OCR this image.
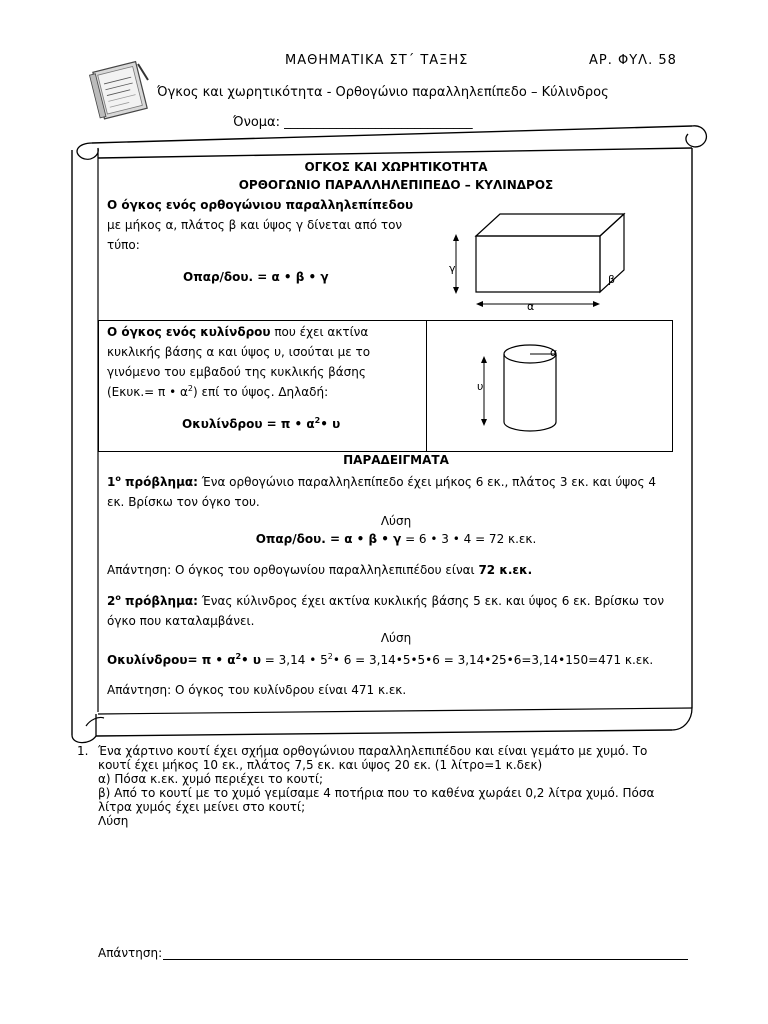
ΜΑΘΗΜΑΤΙΚΑ ΣΤ΄ ΤΑΞΗΣ	ΑΡ. ΦΥΛ. 58
Όγκος και χωρητικότητα - Ορθογώνιο παραλληλεπίπεδο – Κύλινδρος
Όνομα: _____________________________
ΟΓΚΟΣ ΚΑΙ ΧΩΡΗΤΙΚΟΤΗΤΑ
ΟΡΘΟΓΩΝΙΟ ΠΑΡΑΛΛΗΛΕΠΙΠΕΔΟ – ΚΥΛΙΝΔΡΟΣ
Ο όγκος ενός ορθογώνιου παραλληλεπίπεδου
με μήκος α, πλάτος β και ύψος γ δίνεται από τον
τύπο:
Oπαρ/δου. = α • β • γ
γ
β
α
Ο όγκος ενός κυλίνδρου που έχει ακτίνα
κυκλικής βάσης α και ύψος υ, ισούται με το
γινόμενο του εμβαδού της κυκλικής βάσης
(Εκυκ.= π • $\alpha^2$) επί το ύψος. Δηλαδή:
Oκυλίνδρου = π • $\alpha^2•$ υ
α
υ
ΠΑΡΑΔΕΙΓΜΑΤΑ
$1^o$ πρόβλημα: Ένα ορθογώνιο παραλληλεπίπεδο έχει μήκος 6 εκ., πλάτος 3 εκ. και ύψος 4
εκ. Βρίσκω τον όγκο του.
Λύση
Oπαρ/δου. = α • β • γ = 6 • 3 • 4 = 72 κ.εκ.
Απάντηση: Ο όγκος του ορθογωνίου παραλληλεπιπέδου είναι 72 κ.εκ.
$2^o$ πρόβλημα: Ένας κύλινδρος έχει ακτίνα κυκλικής βάσης 5 εκ. και ύψος 6 εκ. Βρίσκω τον
όγκο που καταλαμβάνει.
Λύση
Oκυλίνδρου= π • $\alpha^2•$ υ = 3,14 • $5^2•$ 6 = 3,14•5•5•6 = 3,14•25•6=3,14•150=471 κ.εκ.
Απάντηση: Ο όγκος του κυλίνδρου είναι 471 κ.εκ.
1. Ένα χάρτινο κουτί έχει σχήμα ορθογώνιου παραλληλεπιπέδου και είναι γεμάτο με χυμό. Το
κουτί έχει μήκος 10 εκ., πλάτος 7,5 εκ. και ύψος 20 εκ. (1 λίτρο=1 κ.δεκ)
α) Πόσα κ.εκ. χυμό περιέχει το κουτί;
β) Από το κουτί με το χυμό γεμίσαμε 4 ποτήρια που το καθένα χωράει 0,2 λίτρα χυμό. Πόσα
λίτρα χυμός έχει μείνει στο κουτί;
Λύση
Απάντηση:
